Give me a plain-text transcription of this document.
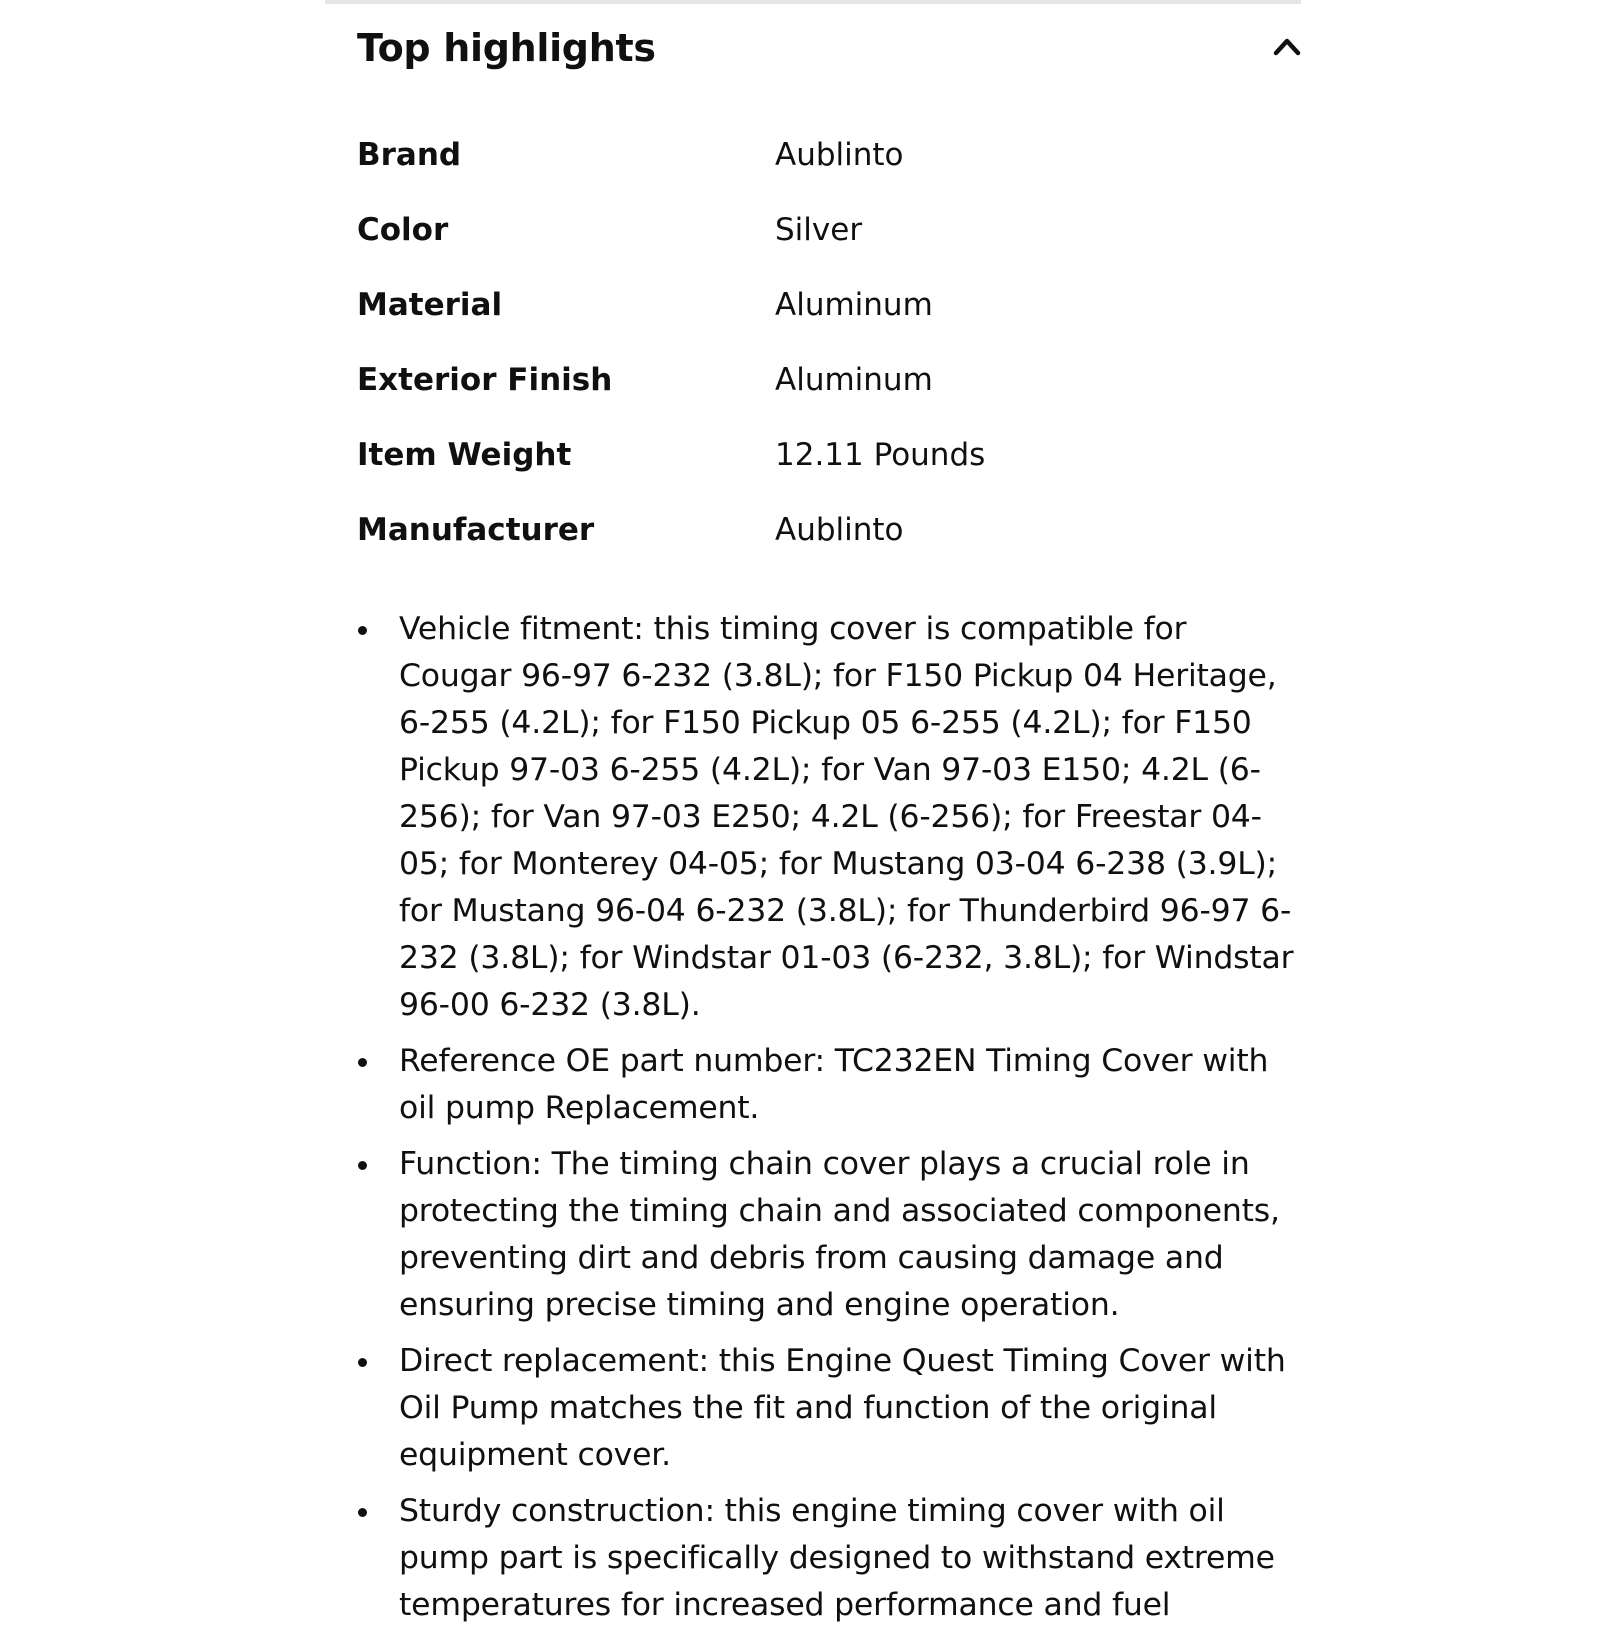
Top highlights
Brand	Aublinto
Color	Silver
Material	Aluminum
Exterior Finish	Aluminum
Item Weight	12.11 Pounds
Manufacturer	Aublinto
Vehicle fitment: this timing cover is compatible for Cougar 96-97 6-232 (3.8L); for F150 Pickup 04 Heritage, 6-255 (4.2L); for F150 Pickup 05 6-255 (4.2L); for F150 Pickup 97-03 6-255 (4.2L); for Van 97-03 E150; 4.2L (6-256); for Van 97-03 E250; 4.2L (6-256); for Freestar 04-05; for Monterey 04-05; for Mustang 03-04 6-238 (3.9L); for Mustang 96-04 6-232 (3.8L); for Thunderbird 96-97 6-232 (3.8L); for Windstar 01-03 (6-232, 3.8L); for Windstar 96-00 6-232 (3.8L).
Reference OE part number: TC232EN Timing Cover with oil pump Replacement.
Function: The timing chain cover plays a crucial role in protecting the timing chain and associated components, preventing dirt and debris from causing damage and ensuring precise timing and engine operation.
Direct replacement: this Engine Quest Timing Cover with Oil Pump matches the fit and function of the original equipment cover.
Sturdy construction: this engine timing cover with oil pump part is specifically designed to withstand extreme temperatures for increased performance and fuel
